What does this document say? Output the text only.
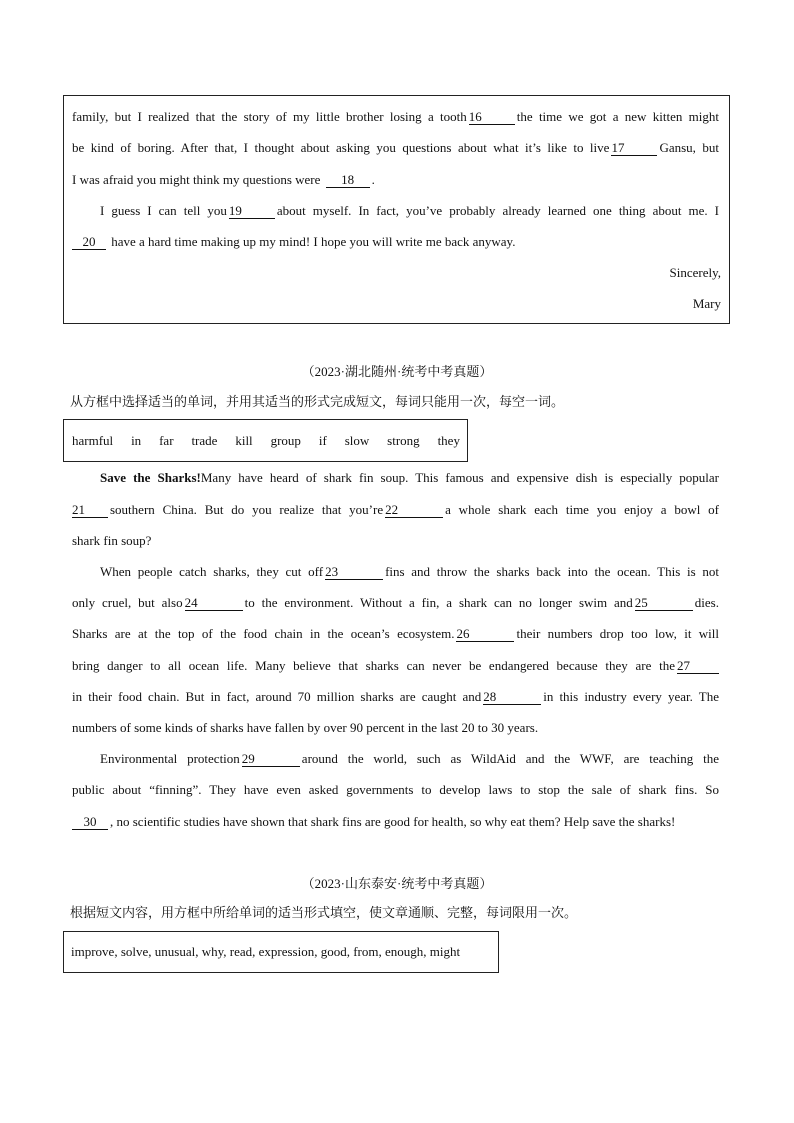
family, but I realized that the story of my little brother losing a tooth 16	the time we got a new kitten might
be kind of boring. After that, I thought about asking you questions about what it’s like to live 17	Gansu, but
I was afraid you might think my questions were 18 .
I guess I can tell you 19	about myself. In fact, you’ve probably already learned one thing about me. I
20 have a hard time making up my mind! I hope you will write me back anyway.
Sincerely,
Mary
（2023·湖北随州·统考中考真题）
从方框中选择适当的单词，并用其适当的形式完成短文，每词只能用一次，每空一词。
harmful in far trade kill group if slow strong they
Save the Sharks!Many have heard of shark fin soup. This famous and expensive dish is especially popular
21 southern China. But do you realize that you’re 22	a whole shark each time you enjoy a bowl of
shark fin soup?
When people catch sharks, they cut off 23	fins and throw the sharks back into the ocean. This is not
only cruel, but also 24	to the environment. Without a fin, a shark can no longer swim and 25	dies.
Sharks are at the top of the food chain in the ocean’s ecosystem. 26	their numbers drop too low, it will
bring danger to all ocean life. Many believe that sharks can never be endangered because they are the 27
in their food chain. But in fact, around 70 million sharks are caught and 28	in this industry every year. The
numbers of some kinds of sharks have fallen by over 90 percent in the last 20 to 30 years.
Environmental protection 29	around the world, such as WildAid and the WWF, are teaching the
public about “finning”. They have even asked governments to develop laws to stop the sale of shark fins. So
30 , no scientific studies have shown that shark fins are good for health, so why eat them? Help save the sharks!
（2023·山东泰安·统考中考真题）
根据短文内容，用方框中所给单词的适当形式填空，使文章通顺、完整，每词限用一次。
improve, solve, unusual, why, read, expression, good, from, enough, might
